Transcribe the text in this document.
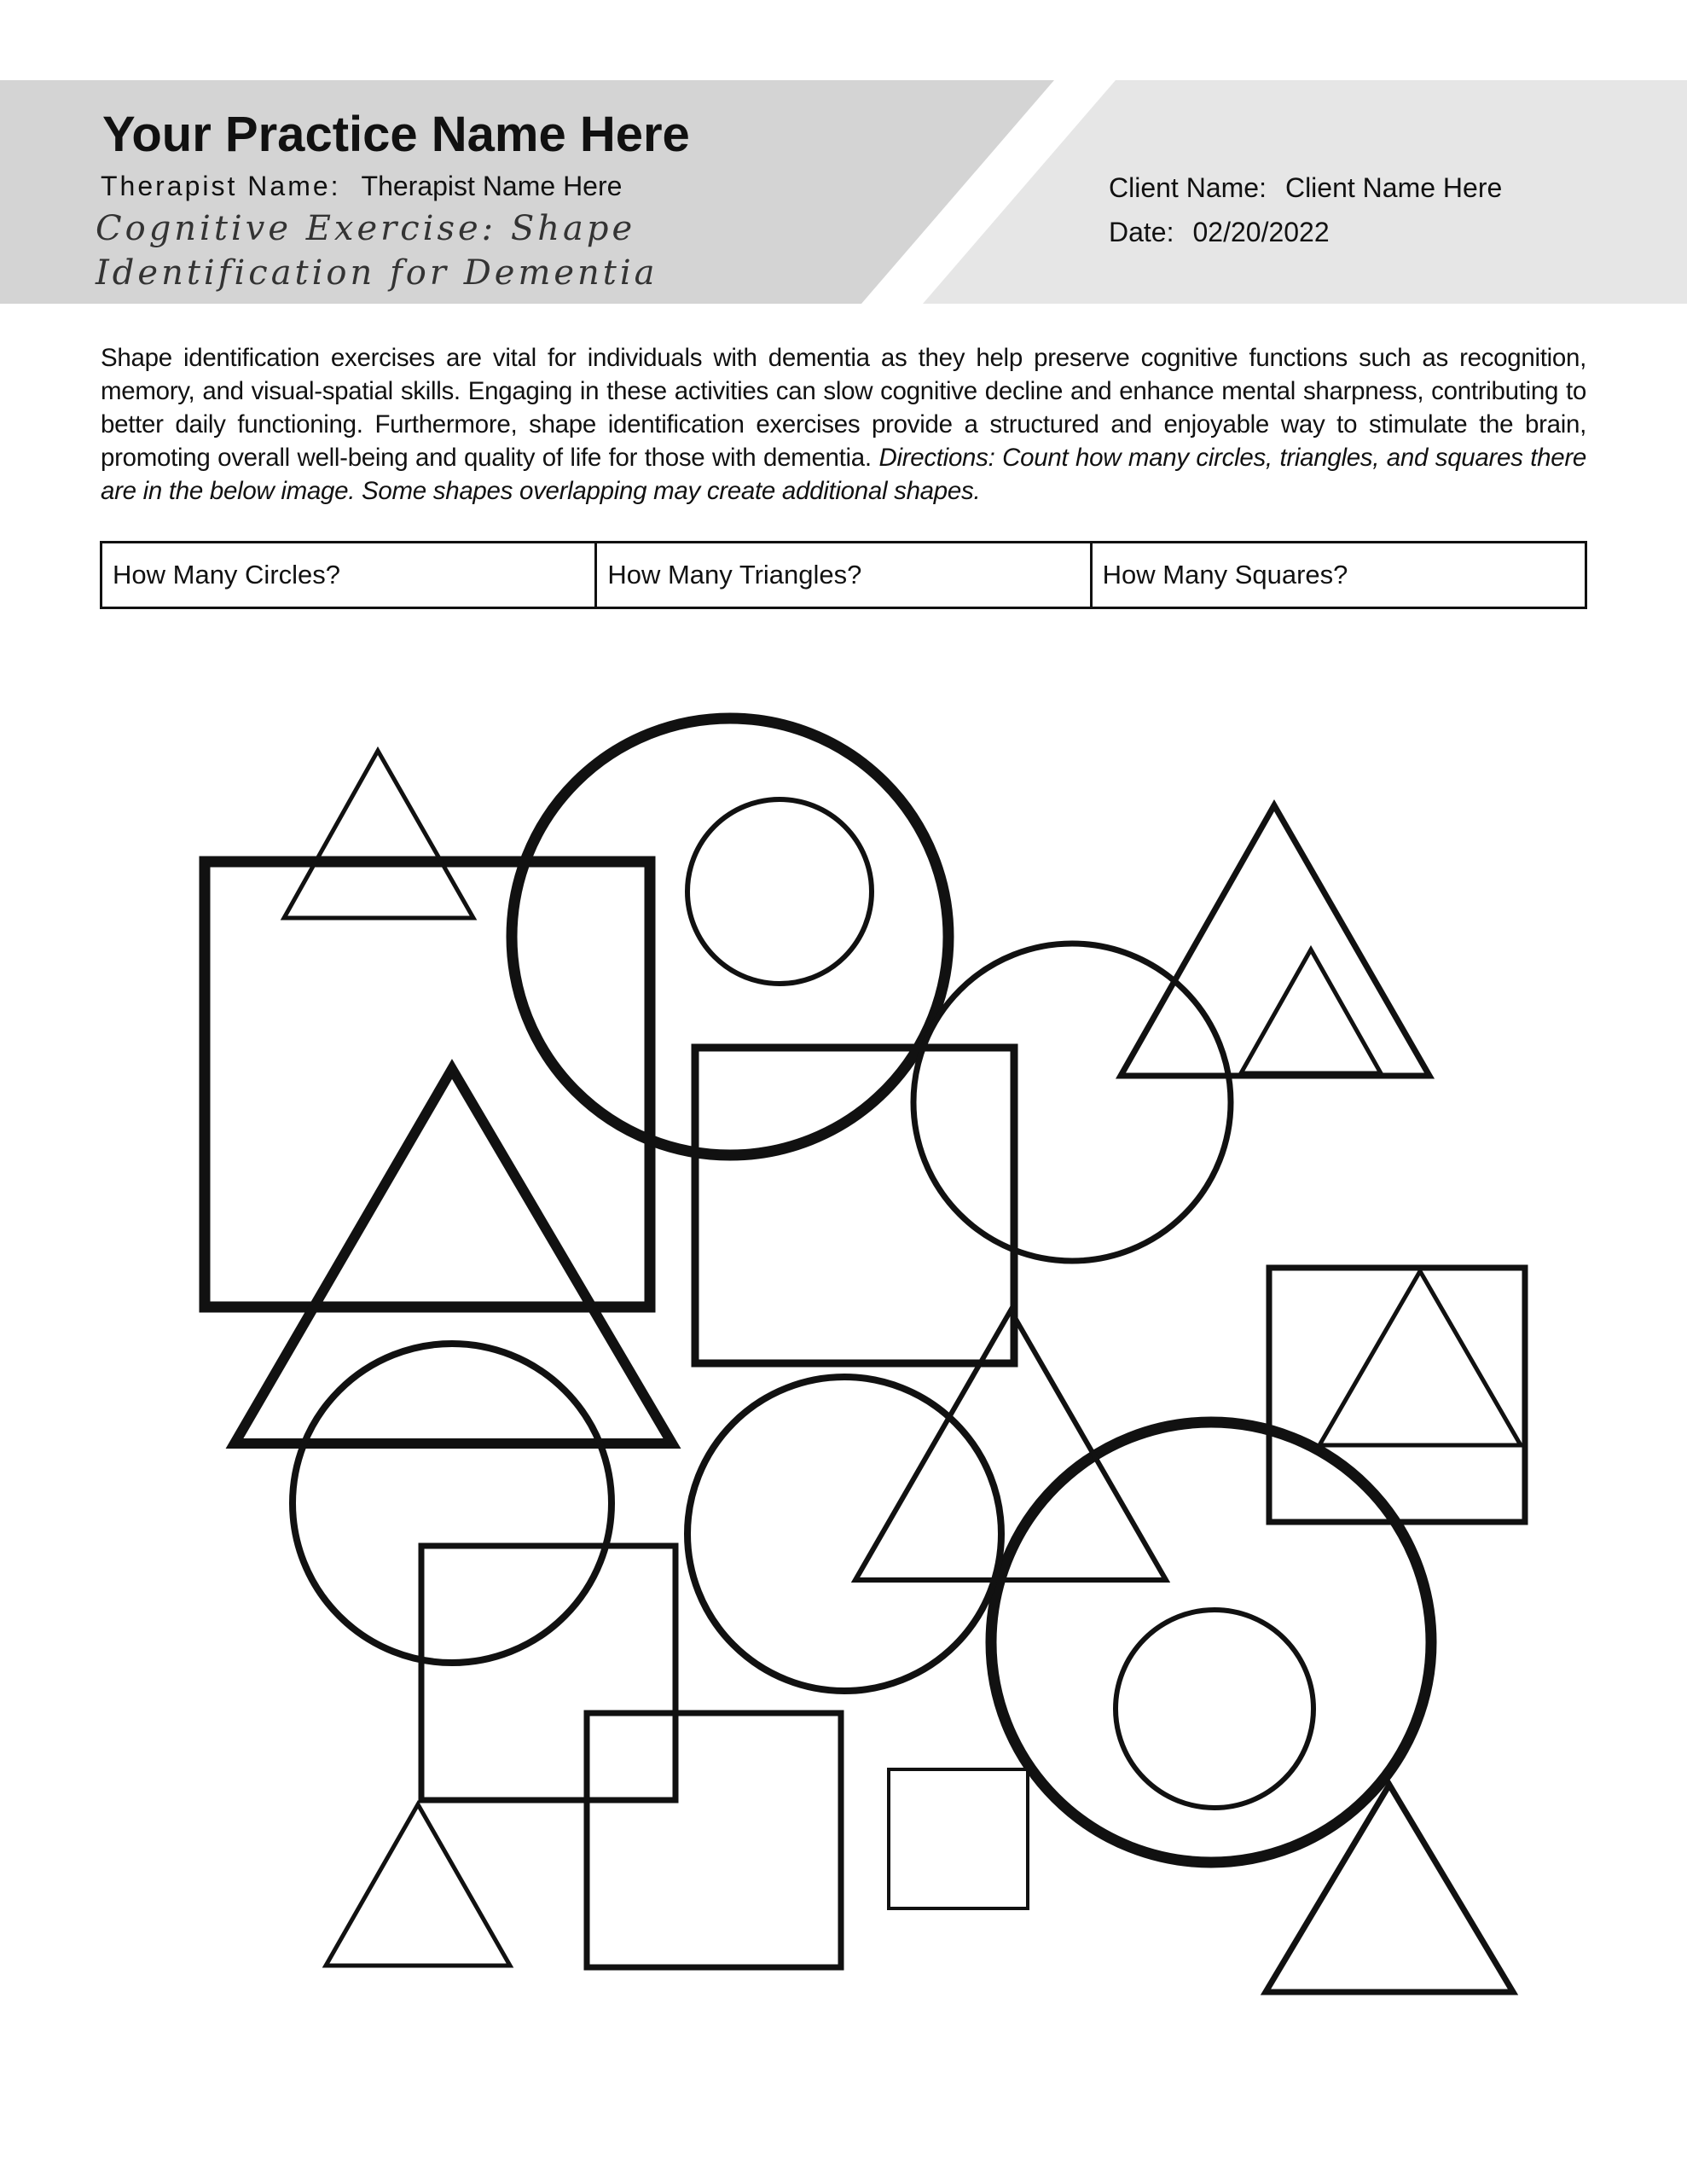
Your Practice Name Here
Therapist Name: Therapist Name Here
Cognitive Exercise: Shape Identification for Dementia
Client Name: Client Name Here
Date: 02/20/2022
Shape identification exercises are vital for individuals with dementia as they help preserve cognitive functions such as recognition, memory, and visual-spatial skills. Engaging in these activities can slow cognitive decline and enhance mental sharpness, contributing to better daily functioning. Furthermore, shape identification exercises provide a structured and enjoyable way to stimulate the brain, promoting overall well-being and quality of life for those with dementia. Directions: Count how many circles, triangles, and squares there are in the below image. Some shapes overlapping may create additional shapes.
How Many Circles?	How Many Triangles?	How Many Squares?
